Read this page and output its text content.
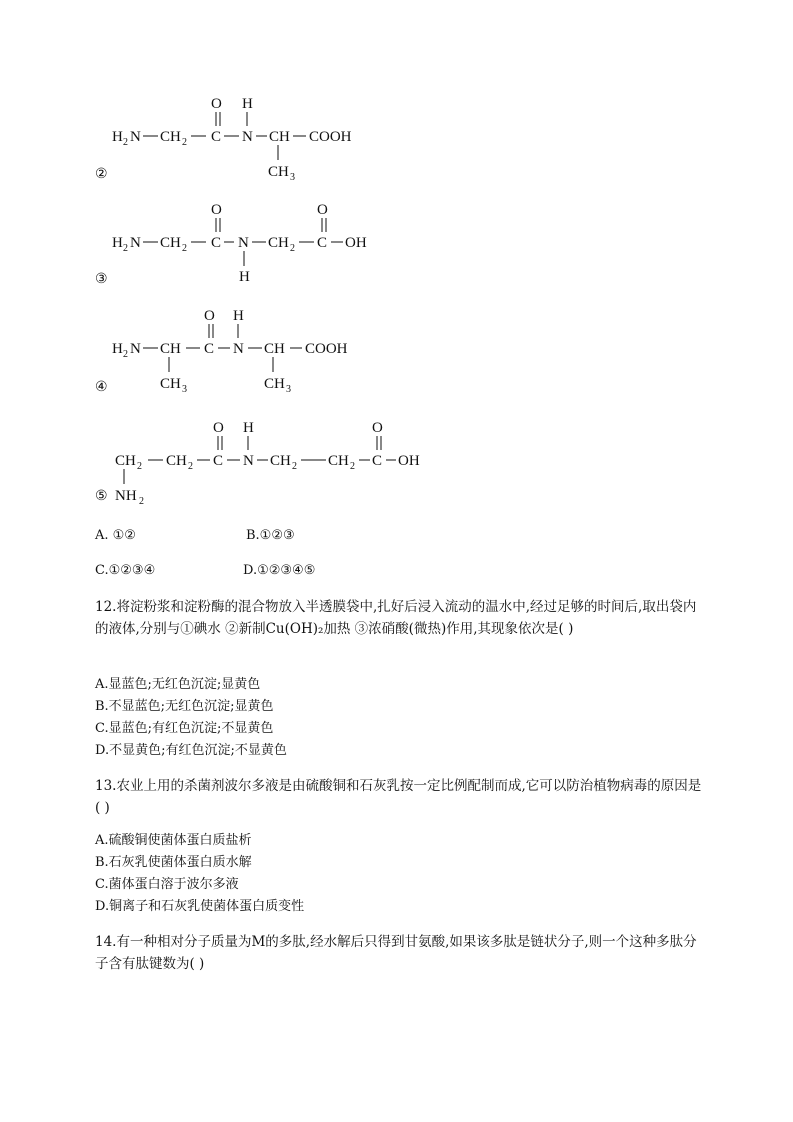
H 2 N CH 2 C
O
N
H
CH COOH
CH 3
H 2 N CH 2 C
O
N
H
CH 2 C
O
OH
H 2 N CH
CH 3
C
O
N
H
CH
CH 3
COOH
CH 2
NH 2
CH 2 C
O
N
H
CH 2 CH 2 C
O
OH
②
③
④
⑤
A. ①②	B.①②③
C.①②③④	D.①②③④⑤
12.将淀粉浆和淀粉酶的混合物放入半透膜袋中,扎好后浸入流动的温水中,经过足够的时间后,取出袋内的液体,分别与①碘水 ②新制Cu(OH)₂加热 ③浓硝酸(微热)作用,其现象依次是( )
A.显蓝色;无红色沉淀;显黄色
B.不显蓝色;无红色沉淀;显黄色
C.显蓝色;有红色沉淀;不显黄色
D.不显黄色;有红色沉淀;不显黄色
13.农业上用的杀菌剂波尔多液是由硫酸铜和石灰乳按一定比例配制而成,它可以防治植物病毒的原因是( )
A.硫酸铜使菌体蛋白质盐析
B.石灰乳使菌体蛋白质水解
C.菌体蛋白溶于波尔多液
D.铜离子和石灰乳使菌体蛋白质变性
14.有一种相对分子质量为M的多肽,经水解后只得到甘氨酸,如果该多肽是链状分子,则一个这种多肽分子含有肽键数为( )
